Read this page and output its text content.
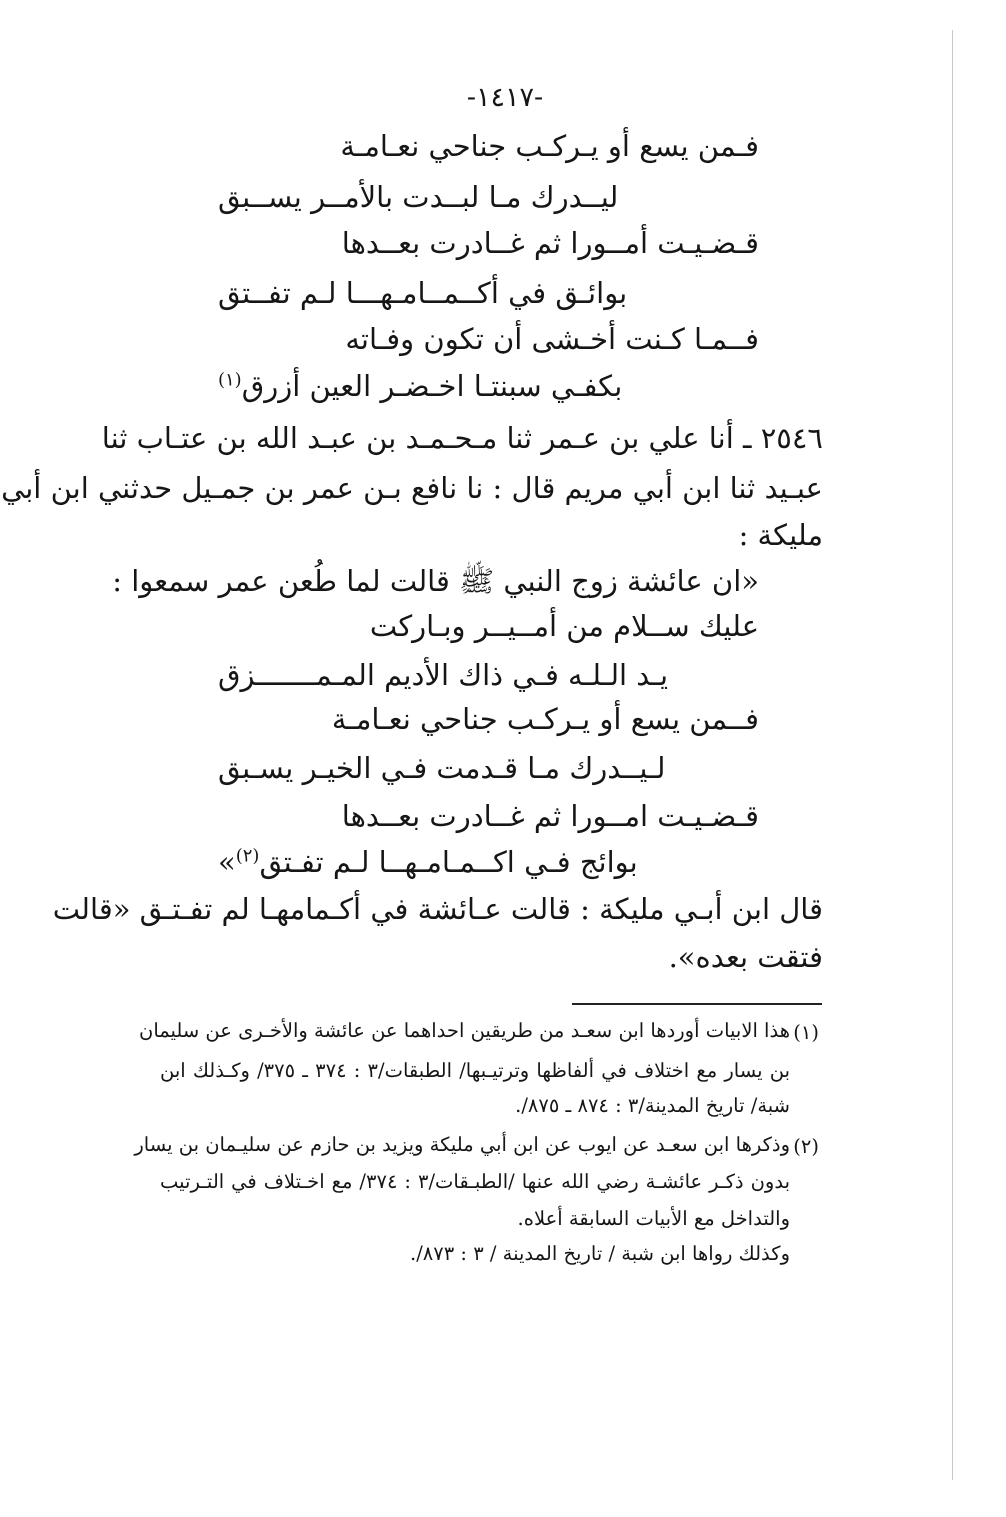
-١٤١٧-
فـمن يسع أو يـركـب جناحي نعـامـة
ليــدرك مـا لبــدت بالأمــر يســبق
قـضـيـت أمــورا ثم غــادرت بعــدها
بوائـق في أكــمــامـهـــا لـم تفــتق
فــمـا كـنت أخـشى أن تكون وفـاته
بكفـي سبنتـا اخـضـر العين أزرق$^{(١)}$
٢٥٤٦ ـ أنا علي بن عـمر ثنا مـحـمـد بن عبـد الله بن عتـاب ثنا
عبـيد ثنا ابن أبي مريم قال : نا نافع بـن عمر بن جمـيل حدثني ابن أبي
مليكة :
«ان عائشة زوج النبي ﷺ قالت لما طُعن عمر سمعوا :
عليك ســلام من أمــيــر وبـاركت
يـد الـلـه فـي ذاك الأديم المـمـــــــزق
فــمن يسع أو يـركـب جناحي نعـامـة
لـيــدرك مـا قـدمت فـي الخيـر يسـبق
قـضـيـت امــورا ثم غــادرت بعــدها
بوائج فـي اكــمـامـهــا لـم تفـتق$^{(٢)}$»
قال ابن أبـي مليكة : قالت عـائشة في أكـمامهـا لم تفـتـق «قالت
فتقت بعده».
(١)
هذا الابيات أوردها ابن سعـد من طريقين احداهما عن عائشة والأخـرى عن سليمان
بن يسار مع اختلاف في ألفاظها وترتيـبها/ الطبقات/٣ : ٣٧٤ ـ ٣٧٥/ وكـذلك ابن
شبة/ تاريخ المدينة/٣ : ٨٧٤ ـ ٨٧٥/.
(٢)
وذكرها ابن سعـد عن ايوب عن ابن أبي مليكة ويزيد بن حازم عن سليـمان بن يسار
بدون ذكـر عائشـة رضي الله عنها /الطبـقات/٣ : ٣٧٤/ مع اخـتلاف في التـرتيب
والتداخل مع الأبيات السابقة أعلاه.
وكذلك رواها ابن شبة / تاريخ المدينة / ٣ : ٨٧٣/.
